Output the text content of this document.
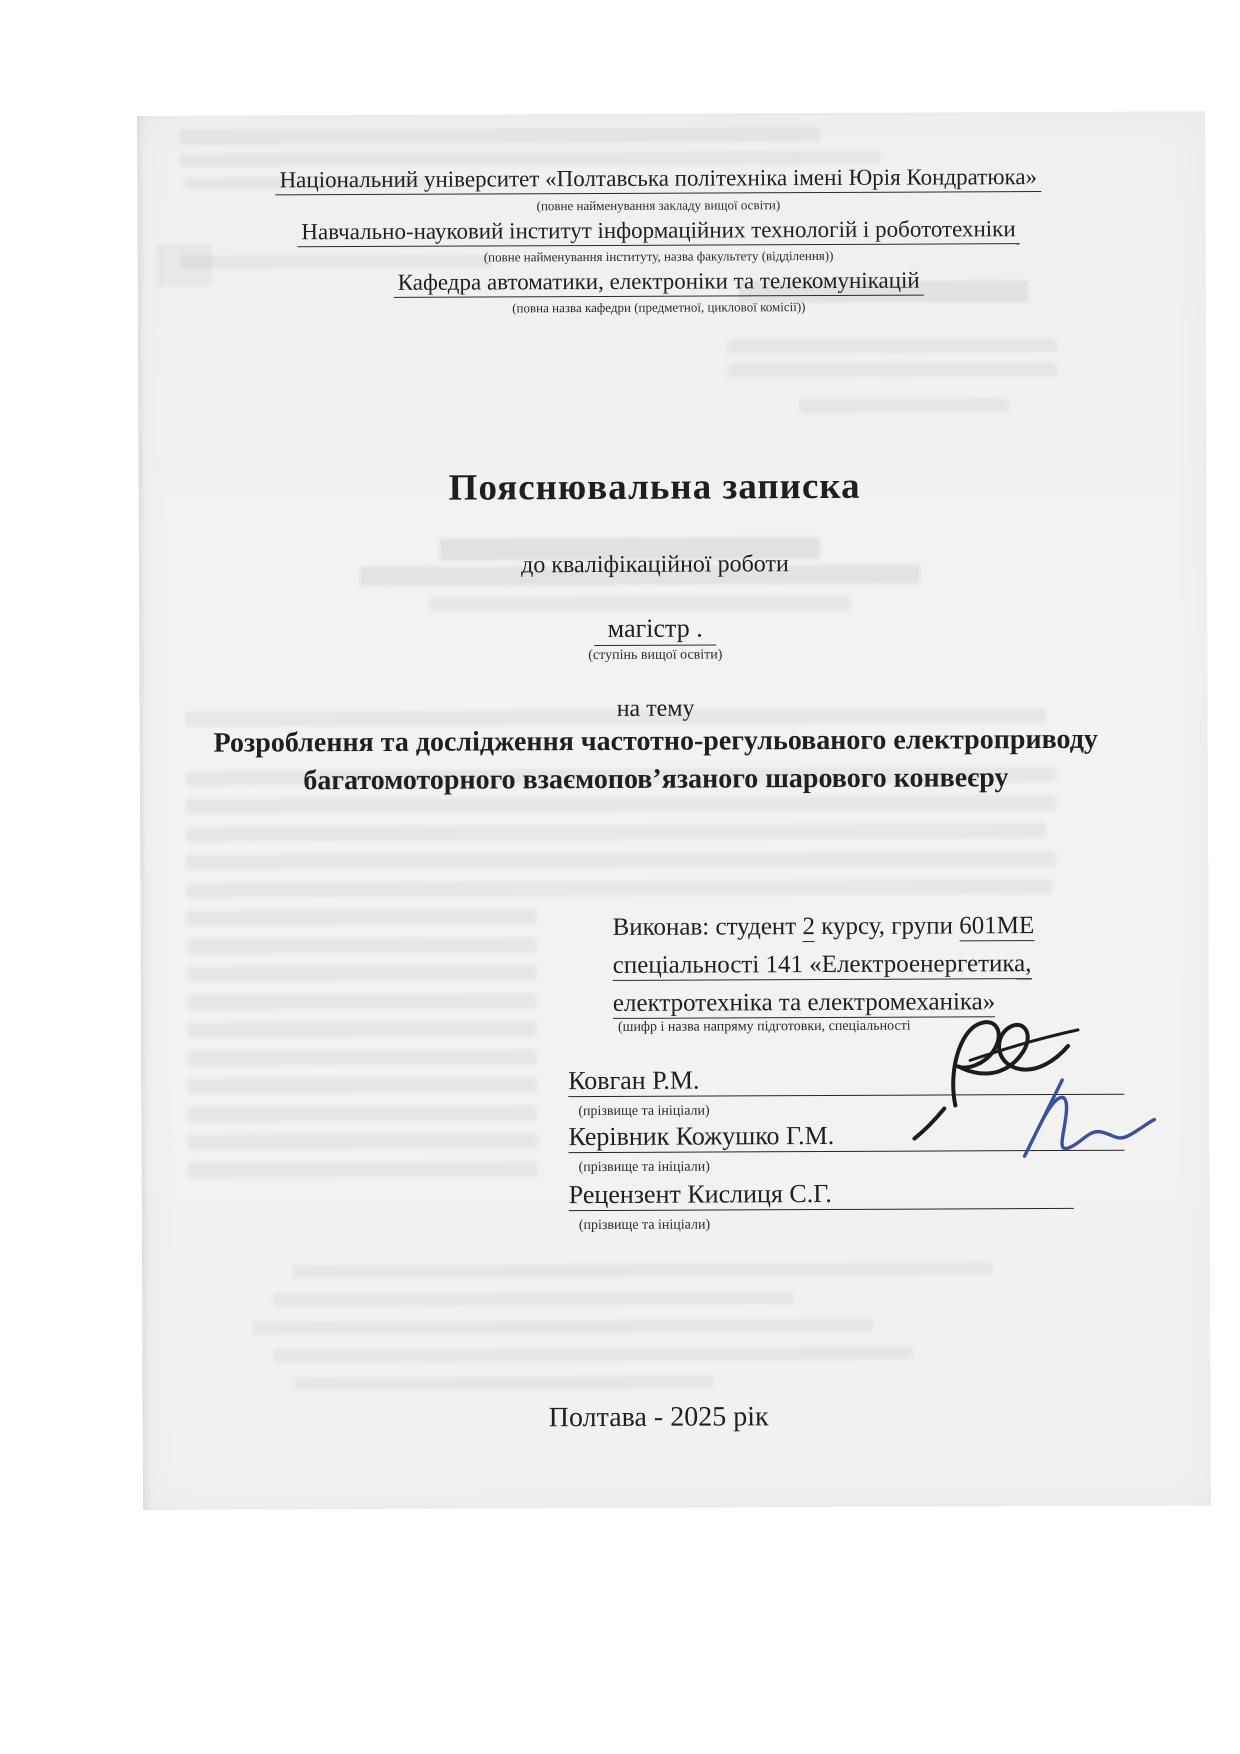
Національний університет «Полтавська політехніка імені Юрія Кондратюка»
(повне найменування закладу вищої освіти)
Навчально-науковий інститут інформаційних технологій і робототехніки
(повне найменування інституту, назва факультету (відділення))
Кафедра автоматики, електроніки та телекомунікацій
(повна назва кафедри (предметної, циклової комісії))
Пояснювальна записка
до кваліфікаційної роботи
магістр .
(ступінь вищої освіти)
на тему
Розроблення та дослідження частотно-регульованого електроприводу
багатомоторного взаємопов’язаного шарового конвеєру
Виконав: студент 2 курсу, групи 601МЕ
спеціальності 141 «Електроенергетика,
електротехніка та електромеханіка»
(шифр і назва напряму підготовки, спеціальності
Ковган Р.М.
(прізвище та ініціали)
Керівник Кожушко Г.М.
(прізвище та ініціали)
Рецензент Кислиця С.Г.
(прізвище та ініціали)
Полтава - 2025 рік
